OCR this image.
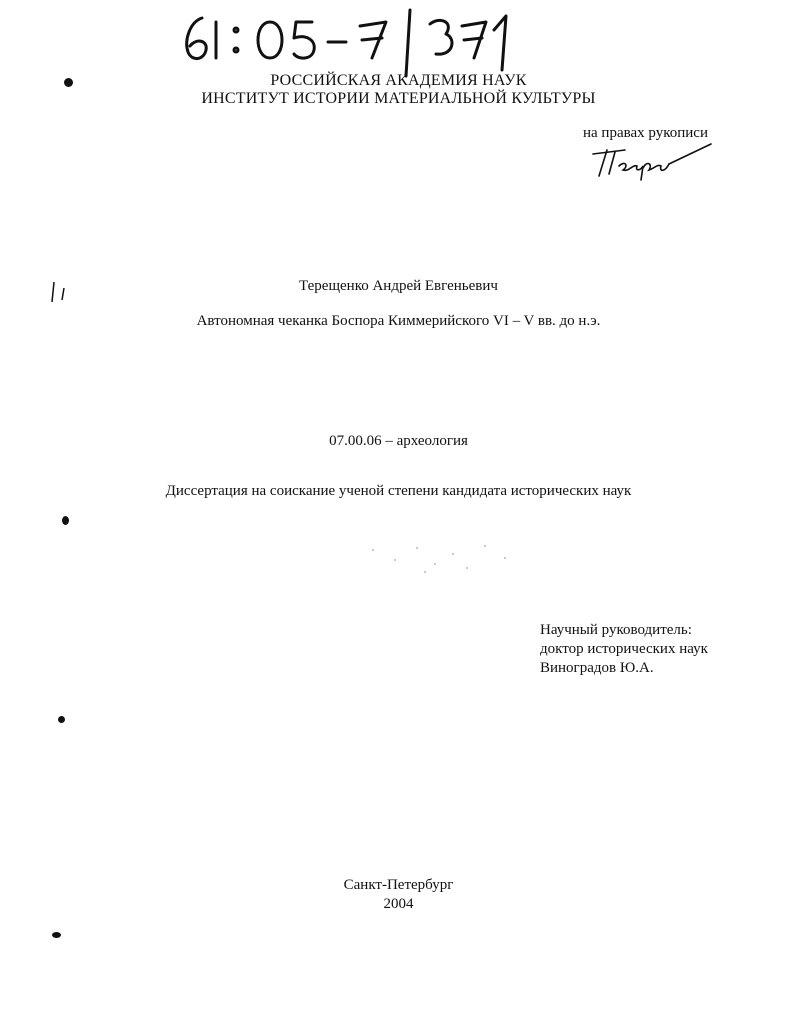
РОССИЙСКАЯ АКАДЕМИЯ НАУК
ИНСТИТУТ ИСТОРИИ МАТЕРИАЛЬНОЙ КУЛЬТУРЫ
на правах рукописи
Терещенко Андрей Евгеньевич
Автономная чеканка Боспора Киммерийского VI – V вв. до н.э.
07.00.06 – археология
Диссертация на соискание ученой степени кандидата исторических наук
Научный руководитель:
доктор исторических наук
Виноградов Ю.А.
Санкт-Петербург
2004
